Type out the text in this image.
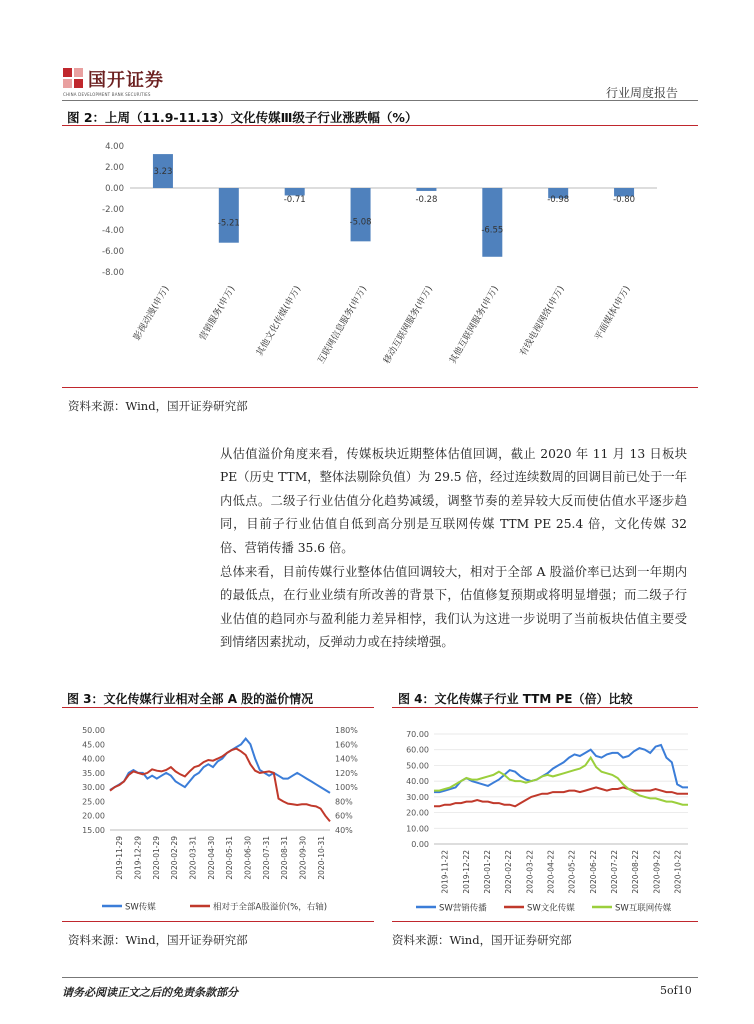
国开证券
CHINA DEVELOPMENT BANK SECURITIES	行业周度报告
图 2：上周（11.9-11.13）文化传媒Ⅲ级子行业涨跌幅（%）
4.00
2.00
0.00
-2.00
-4.00
-6.00
-8.00
3.23
影视动漫(申万)
-5.21
营销服务(申万)
-0.71
其他文化传媒(申万)
-5.08
互联网信息服务(申万)
-0.28
移动互联网服务(申万)
-6.55
其他互联网服务(申万)
-0.98
有线电视网络(申万)
-0.80
平面媒体(申万)
资料来源：Wind，国开证券研究部
从估值溢价角度来看，传媒板块近期整体估值回调，截止 2020 年 11 月 13 日板块 PE（历史 TTM，整体法剔除负值）为 29.5 倍，经过连续数周的回调目前已处于一年内低点。二级子行业估值分化趋势减缓，调整节奏的差异较大反而使估值水平逐步趋同，目前子行业估值自低到高分别是互联网传媒 TTM PE 25.4 倍，文化传媒 32 倍、营销传播 35.6 倍。
总体来看，目前传媒行业整体估值回调较大，相对于全部 A 股溢价率已达到一年期内的最低点，在行业业绩有所改善的背景下，估值修复预期或将明显增强；而二级子行业估值的趋同亦与盈利能力差异相悖，我们认为这进一步说明了当前板块估值主要受到情绪因素扰动，反弹动力或在持续增强。
图 3：文化传媒行业相对全部 A 股的溢价情况
50.00
45.00
40.00
35.00
30.00
25.00
20.00
15.00
180%
160%
140%
120%
100%
80%
60%
40%
2019-11-29 2019-12-29 2020-01-29 2020-02-29 2020-03-31 2020-04-30 2020-05-31 2020-06-30 2020-07-31 2020-08-31 2020-09-30 2020-10-31
SW传媒	相对于全部A股溢价(%，右轴)
资料来源：Wind，国开证券研究部
图 4：文化传媒子行业 TTM PE（倍）比较
70.00
60.00
50.00
40.00
30.00
20.00
10.00
0.00
2019-11-22 2019-12-22 2020-01-22 2020-02-22 2020-03-22 2020-04-22 2020-05-22 2020-06-22 2020-07-22 2020-08-22 2020-09-22 2020-10-22
SW营销传播	SW文化传媒	SW互联网传媒
资料来源：Wind，国开证券研究部
请务必阅读正文之后的免责条款部分	5of10
